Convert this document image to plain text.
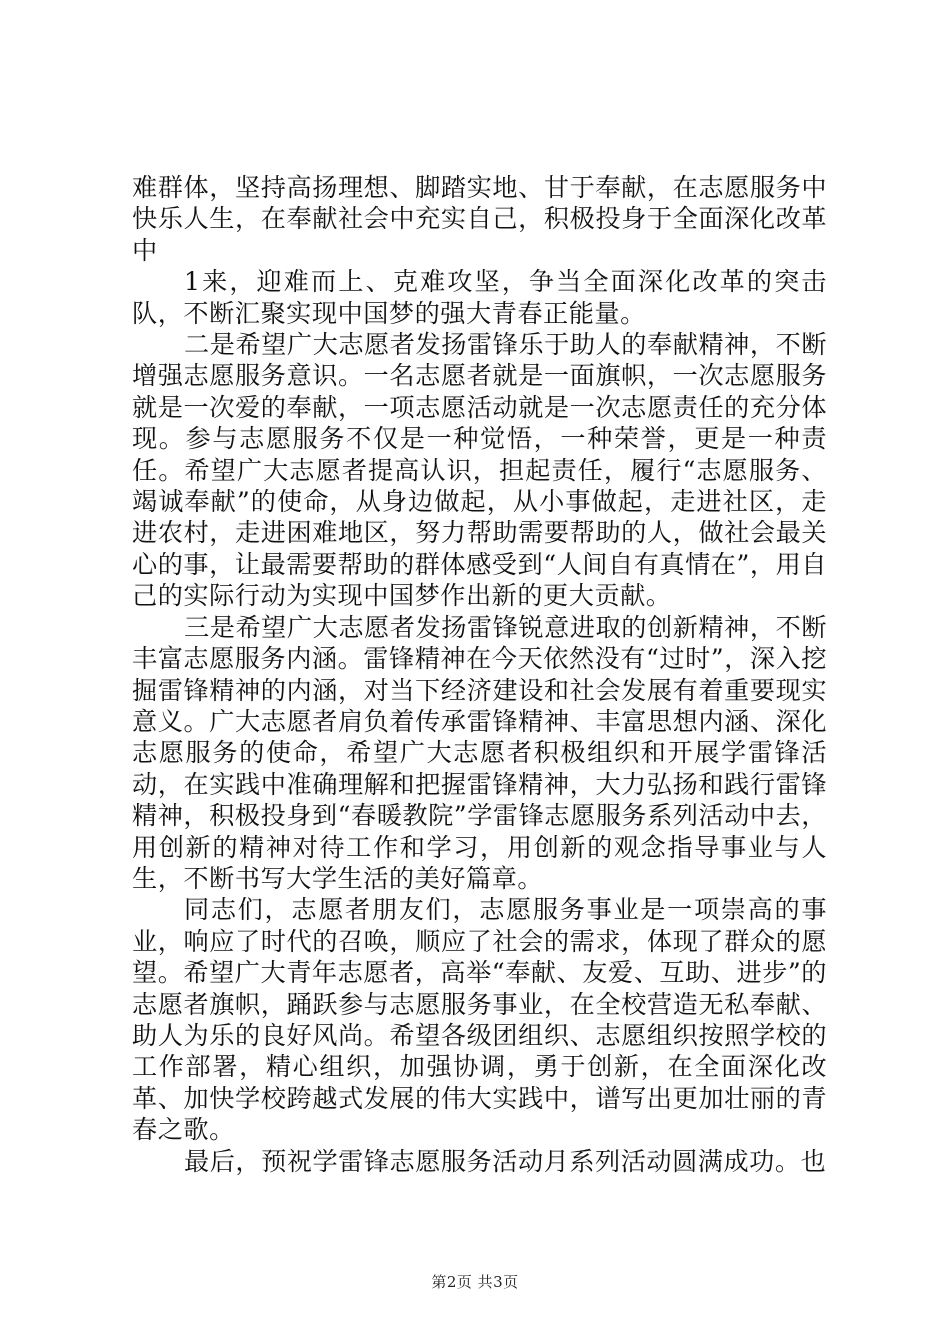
难群体，坚持高扬理想、脚踏实地、甘于奉献，在志愿服务中快乐人生，在奉献社会中充实自己，积极投身于全面深化改革中

1来，迎难而上、克难攻坚，争当全面深化改革的突击队，不断汇聚实现中国梦的强大青春正能量。

二是希望广大志愿者发扬雷锋乐于助人的奉献精神，不断增强志愿服务意识。一名志愿者就是一面旗帜，一次志愿服务就是一次爱的奉献，一项志愿活动就是一次志愿责任的充分体现。参与志愿服务不仅是一种觉悟，一种荣誉，更是一种责任。希望广大志愿者提高认识，担起责任，履行“志愿服务、竭诚奉献”的使命，从身边做起，从小事做起，走进社区，走进农村，走进困难地区，努力帮助需要帮助的人，做社会最关心的事，让最需要帮助的群体感受到“人间自有真情在”，用自己的实际行动为实现中国梦作出新的更大贡献。

三是希望广大志愿者发扬雷锋锐意进取的创新精神，不断丰富志愿服务内涵。雷锋精神在今天依然没有“过时”，深入挖掘雷锋精神的内涵，对当下经济建设和社会发展有着重要现实意义。广大志愿者肩负着传承雷锋精神、丰富思想内涵、深化志愿服务的使命，希望广大志愿者积极组织和开展学雷锋活动，在实践中准确理解和把握雷锋精神，大力弘扬和践行雷锋精神，积极投身到“春暖教院”学雷锋志愿服务系列活动中去，用创新的精神对待工作和学习，用创新的观念指导事业与人生，不断书写大学生活的美好篇章。

同志们，志愿者朋友们，志愿服务事业是一项崇高的事业，响应了时代的召唤，顺应了社会的需求，体现了群众的愿望。希望广大青年志愿者，高举“奉献、友爱、互助、进步”的志愿者旗帜，踊跃参与志愿服务事业，在全校营造无私奉献、助人为乐的良好风尚。希望各级团组织、志愿组织按照学校的工作部署，精心组织，加强协调，勇于创新，在全面深化改革、加快学校跨越式发展的伟大实践中，谱写出更加壮丽的青春之歌。

最后，预祝学雷锋志愿服务活动月系列活动圆满成功。也

第2页 共3页
